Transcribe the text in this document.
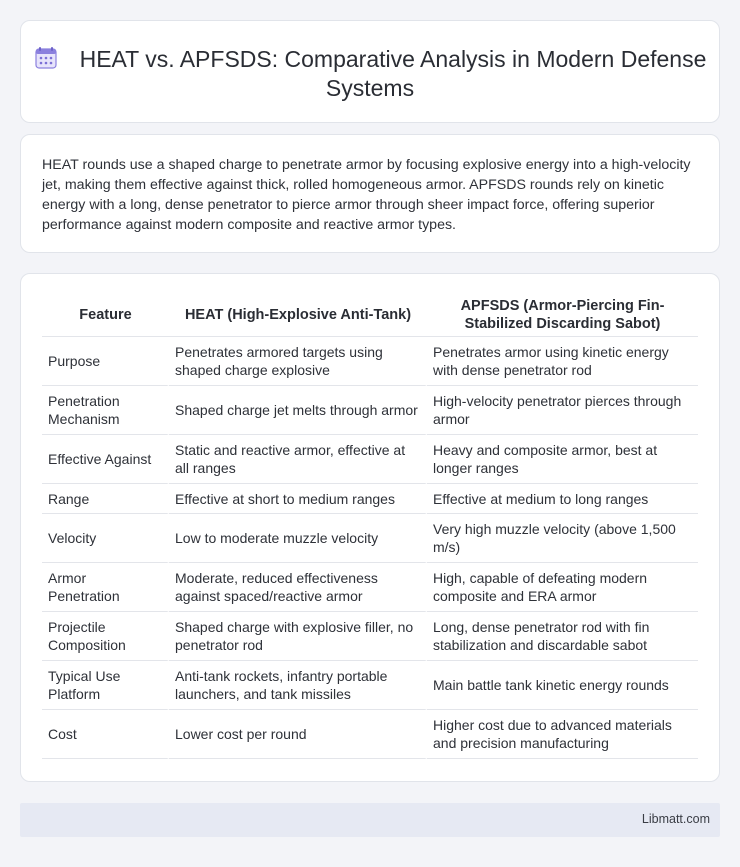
HEAT vs. APFSDS: Comparative Analysis in Modern Defense Systems

HEAT rounds use a shaped charge to penetrate armor by focusing explosive energy into a high-velocity jet, making them effective against thick, rolled homogeneous armor. APFSDS rounds rely on kinetic energy with a long, dense penetrator to pierce armor through sheer impact force, offering superior performance against modern composite and reactive armor types.

Feature	HEAT (High-Explosive Anti-Tank)	APFSDS (Armor-Piercing Fin-Stabilized Discarding Sabot)
Purpose	Penetrates armored targets using shaped charge explosive	Penetrates armor using kinetic energy with dense penetrator rod
Penetration Mechanism	Shaped charge jet melts through armor	High-velocity penetrator pierces through armor
Effective Against	Static and reactive armor, effective at all ranges	Heavy and composite armor, best at longer ranges
Range	Effective at short to medium ranges	Effective at medium to long ranges
Velocity	Low to moderate muzzle velocity	Very high muzzle velocity (above 1,500 m/s)
Armor Penetration	Moderate, reduced effectiveness against spaced/reactive armor	High, capable of defeating modern composite and ERA armor
Projectile Composition	Shaped charge with explosive filler, no penetrator rod	Long, dense penetrator rod with fin stabilization and discardable sabot
Typical Use Platform	Anti-tank rockets, infantry portable launchers, and tank missiles	Main battle tank kinetic energy rounds
Cost	Lower cost per round	Higher cost due to advanced materials and precision manufacturing
Libmatt.com
